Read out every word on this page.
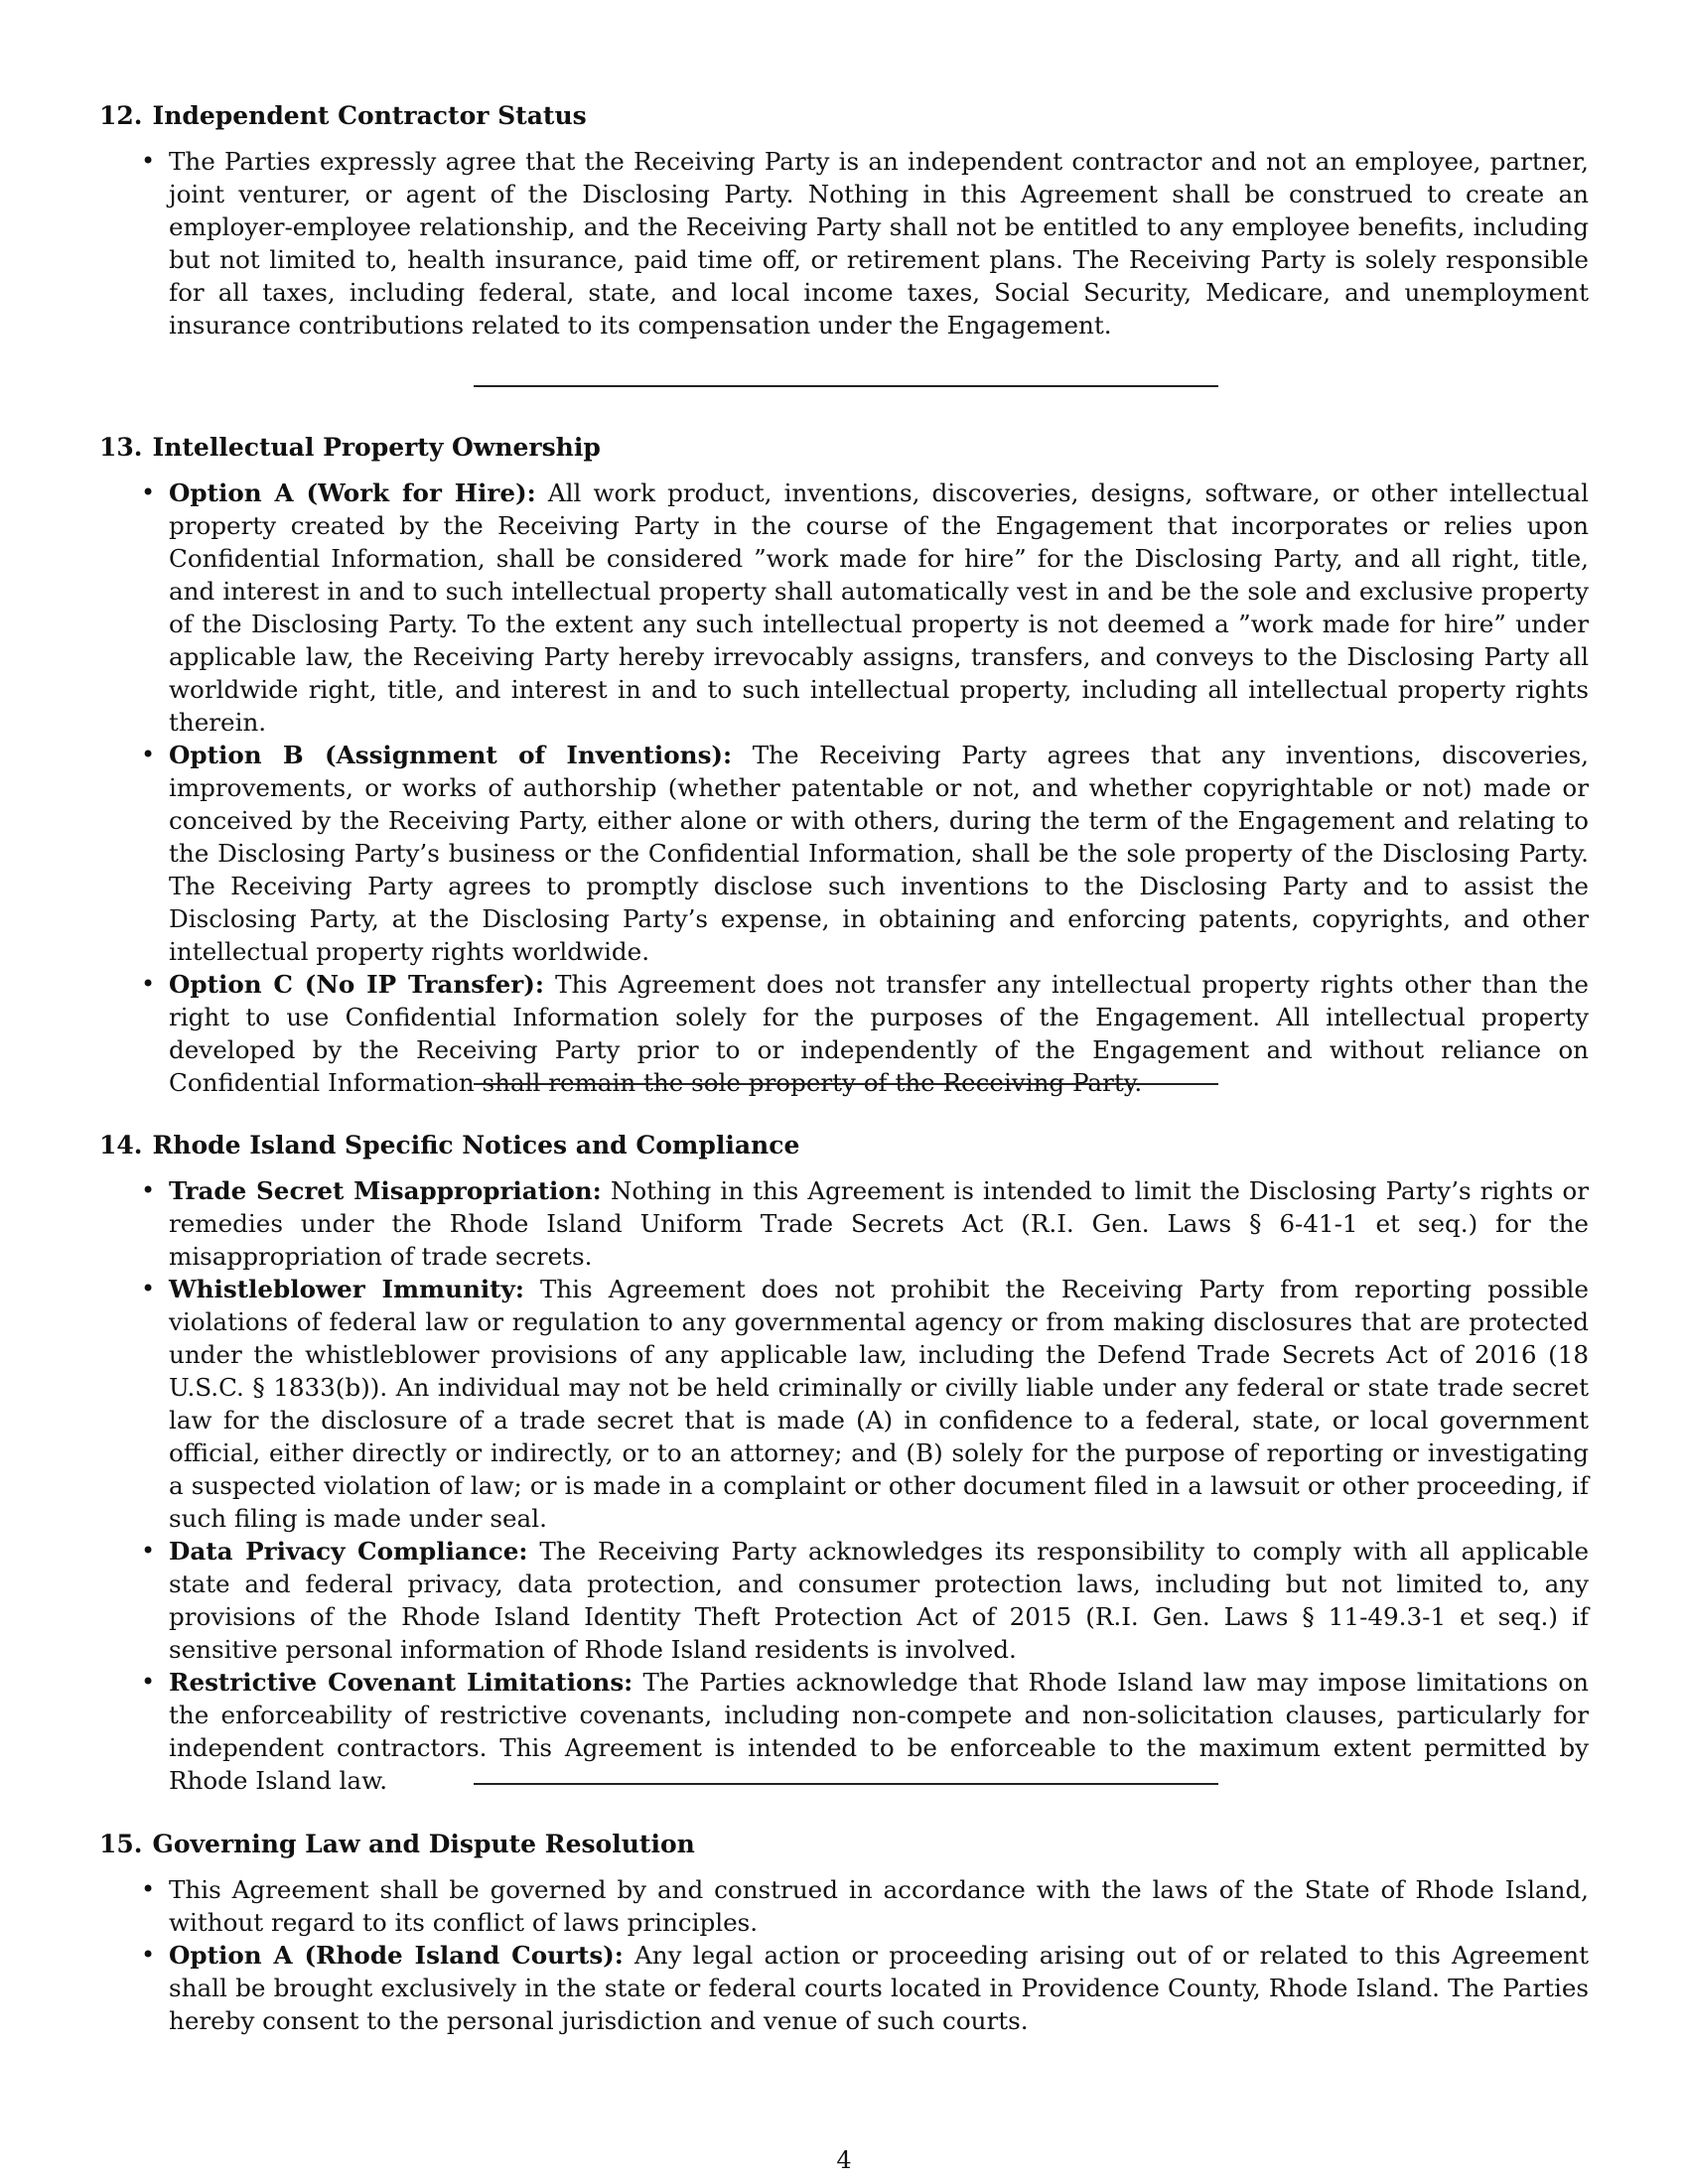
12. Independent Contractor Status
• The Parties expressly agree that the Receiving Party is an independent contractor and not an employee, partner, joint venturer, or agent of the Disclosing Party. Nothing in this Agreement shall be construed to create an employer-employee relationship, and the Receiving Party shall not be entitled to any employee benefits, including but not limited to, health insurance, paid time off, or retirement plans. The Receiving Party is solely responsible for all taxes, including federal, state, and local income taxes, Social Security, Medicare, and unemployment insurance contributions related to its compensation under the Engagement.
13. Intellectual Property Ownership
• Option A (Work for Hire): All work product, inventions, discoveries, designs, software, or other intellectual property created by the Receiving Party in the course of the Engagement that incorporates or relies upon Confidential Information, shall be considered ”work made for hire” for the Disclosing Party, and all right, title, and interest in and to such intellectual property shall automatically vest in and be the sole and exclusive property of the Disclosing Party. To the extent any such intellectual property is not deemed a ”work made for hire” under applicable law, the Receiving Party hereby irrevocably assigns, transfers, and conveys to the Disclosing Party all worldwide right, title, and interest in and to such intellectual property, including all intellectual property rights therein.
• Option B (Assignment of Inventions): The Receiving Party agrees that any inventions, discoveries, improvements, or works of authorship (whether patentable or not, and whether copyrightable or not) made or conceived by the Receiving Party, either alone or with others, during the term of the Engagement and relating to the Disclosing Party’s business or the Confidential Information, shall be the sole property of the Disclosing Party. The Receiving Party agrees to promptly disclose such inventions to the Disclosing Party and to assist the Disclosing Party, at the Disclosing Party’s expense, in obtaining and enforcing patents, copyrights, and other intellectual property rights worldwide.
• Option C (No IP Transfer): This Agreement does not transfer any intellectual property rights other than the right to use Confidential Information solely for the purposes of the Engagement. All intellectual property developed by the Receiving Party prior to or independently of the Engagement and without reliance on Confidential Information shall remain the sole property of the Receiving Party.
14. Rhode Island Specific Notices and Compliance
• Trade Secret Misappropriation: Nothing in this Agreement is intended to limit the Disclosing Party’s rights or remedies under the Rhode Island Uniform Trade Secrets Act (R.I. Gen. Laws § 6-41-1 et seq.) for the misappropriation of trade secrets.
• Whistleblower Immunity: This Agreement does not prohibit the Receiving Party from reporting possible violations of federal law or regulation to any governmental agency or from making disclosures that are protected under the whistleblower provisions of any applicable law, including the Defend Trade Secrets Act of 2016 (18 U.S.C. § 1833(b)). An individual may not be held criminally or civilly liable under any federal or state trade secret law for the disclosure of a trade secret that is made (A) in confidence to a federal, state, or local government official, either directly or indirectly, or to an attorney; and (B) solely for the purpose of reporting or investigating a suspected violation of law; or is made in a complaint or other document filed in a lawsuit or other proceeding, if such filing is made under seal.
• Data Privacy Compliance: The Receiving Party acknowledges its responsibility to comply with all applicable state and federal privacy, data protection, and consumer protection laws, including but not limited to, any provisions of the Rhode Island Identity Theft Protection Act of 2015 (R.I. Gen. Laws § 11-49.3-1 et seq.) if sensitive personal information of Rhode Island residents is involved.
• Restrictive Covenant Limitations: The Parties acknowledge that Rhode Island law may impose limitations on the enforceability of restrictive covenants, including non-compete and non-solicitation clauses, particularly for independent contractors. This Agreement is intended to be enforceable to the maximum extent permitted by Rhode Island law.
15. Governing Law and Dispute Resolution
• This Agreement shall be governed by and construed in accordance with the laws of the State of Rhode Island, without regard to its conflict of laws principles.
• Option A (Rhode Island Courts): Any legal action or proceeding arising out of or related to this Agreement shall be brought exclusively in the state or federal courts located in Providence County, Rhode Island. The Parties hereby consent to the personal jurisdiction and venue of such courts.
4
